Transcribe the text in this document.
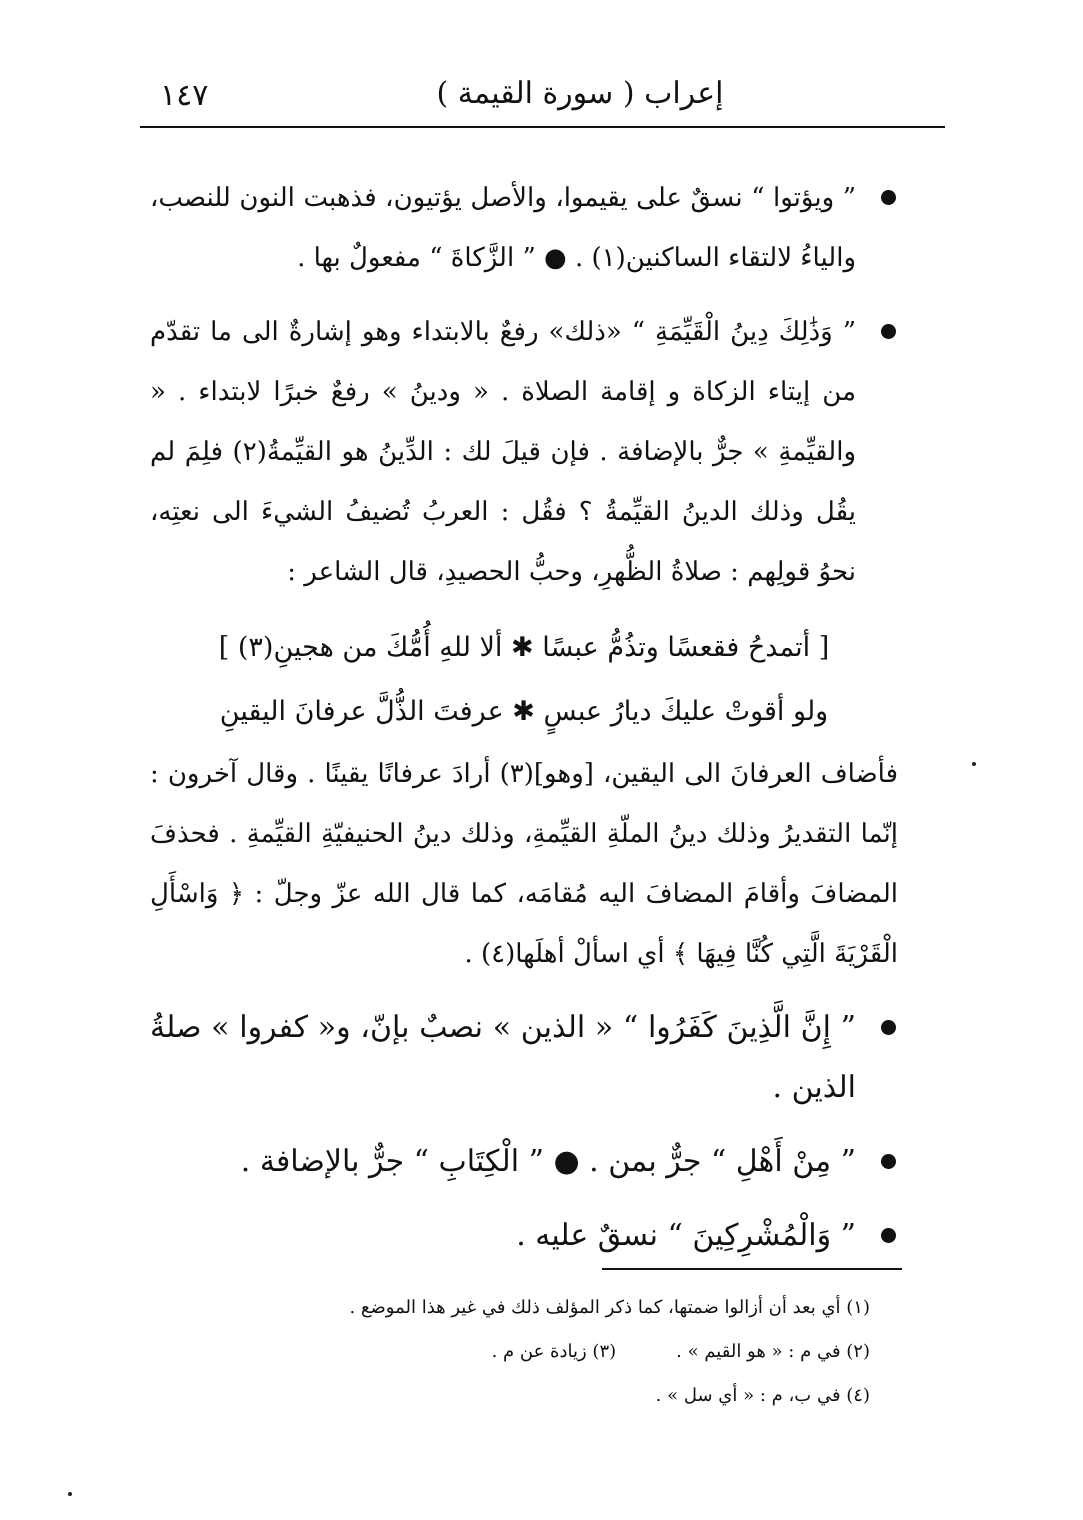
١٤٧	إعراب ( سورة القيمة )

” ويؤتوا “ نسقٌ على يقيموا، والأصل يؤتيون، فذهبت النون للنصب، والياءُ لالتقاء الساكنين(١) . ● ” الزَّكاةَ “ مفعولٌ بها .

” وَذَٰلِكَ دِينُ الْقَيِّمَةِ “ «ذلك» رفعٌ بالابتداء وهو إشارةٌ الى ما تقدّم من إيتاء الزكاة و إقامة الصلاة . « ودينُ » رفعٌ خبرًا لابتداء . « والقيِّمةِ » جرٌّ بالإضافة . فإن قيلَ لك : الدِّينُ هو القيِّمةُ(٢) فلِمَ لم يقُل وذلك الدينُ القيِّمةُ ؟ فقُل : العربُ تُضيفُ الشيءَ الى نعتِه، نحوُ قولِهم : صلاةُ الظُّهرِ، وحبُّ الحصيدِ، قال الشاعر :

[ أتمدحُ فقعسًا وتذُمُّ عبسًا ✱ ألا للهِ أُمُّكَ من هجينِ(٣) ]

ولو أقوتْ عليكَ ديارُ عبسٍ ✱ عرفتَ الذُّلَّ عرفانَ اليقينِ

فأضاف العرفانَ الى اليقين، [وهو](٣) أرادَ عرفانًا يقينًا . وقال آخرون : إنّما التقديرُ وذلك دينُ الملّةِ القيِّمةِ، وذلك دينُ الحنيفيّةِ القيِّمةِ . فحذفَ المضافَ وأقامَ المضافَ اليه مُقامَه، كما قال الله عزّ وجلّ : ﴿ وَاسْأَلِ الْقَرْيَةَ الَّتِي كُنَّا فِيهَا ﴾ أي اسألْ أهلَها(٤) .

” إِنَّ الَّذِينَ كَفَرُوا “ « الذين » نصبٌ بإنّ، و« كفروا » صلةُ الذين .

” مِنْ أَهْلِ “ جرٌّ بمن . ● ” الْكِتَابِ “ جرٌّ بالإضافة .

” وَالْمُشْرِكِينَ “ نسقٌ عليه .

(١) أي بعد أن أزالوا ضمتها، كما ذكر المؤلف ذلك في غير هذا الموضع .
(٢) في م : « هو القيم » .
(٣) زيادة عن م .
(٤) في ب، م : « أي سل » .
